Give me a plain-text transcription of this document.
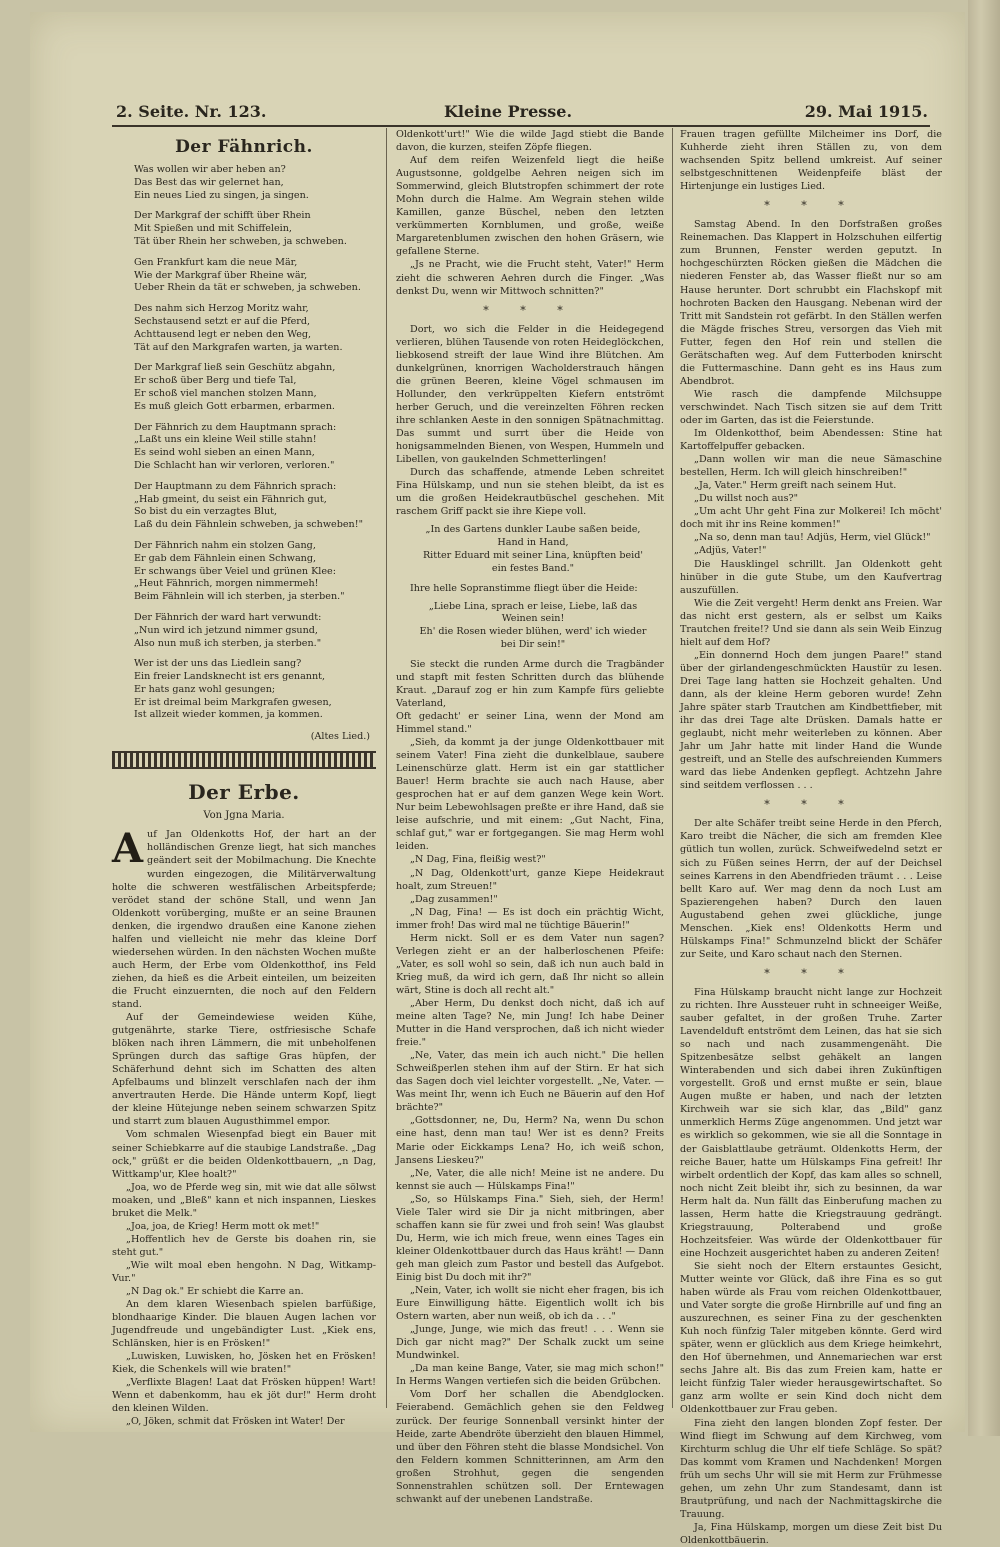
2. Seite. Nr. 123.	Kleine Presse.	29. Mai 1915.
Der Fähnrich.
Was wollen wir aber heben an?
Das Best das wir gelernet han,
Ein neues Lied zu singen, ja singen.
Der Markgraf der schifft über Rhein
Mit Spießen und mit Schiffelein,
Tät über Rhein her schweben, ja schweben.
Gen Frankfurt kam die neue Mär,
Wie der Markgraf über Rheine wär,
Ueber Rhein da tät er schweben, ja schweben.
Des nahm sich Herzog Moritz wahr,
Sechstausend setzt er auf die Pferd,
Achttausend legt er neben den Weg,
Tät auf den Markgrafen warten, ja warten.
Der Markgraf ließ sein Geschütz abgahn,
Er schoß über Berg und tiefe Tal,
Er schoß viel manchen stolzen Mann,
Es muß gleich Gott erbarmen, erbarmen.
Der Fähnrich zu dem Hauptmann sprach:
„Laßt uns ein kleine Weil stille stahn!
Es seind wohl sieben an einen Mann,
Die Schlacht han wir verloren, verloren."
Der Hauptmann zu dem Fähnrich sprach:
„Hab gmeint, du seist ein Fähnrich gut,
So bist du ein verzagtes Blut,
Laß du dein Fähnlein schweben, ja schweben!"
Der Fähnrich nahm ein stolzen Gang,
Er gab dem Fähnlein einen Schwang,
Er schwangs über Veiel und grünen Klee:
„Heut Fähnrich, morgen nimmermeh!
Beim Fähnlein will ich sterben, ja sterben."
Der Fähnrich der ward hart verwundt:
„Nun wird ich jetzund nimmer gsund,
Also nun muß ich sterben, ja sterben."
Wer ist der uns das Liedlein sang?
Ein freier Landsknecht ist ers genannt,
Er hats ganz wohl gesungen;
Er ist dreimal beim Markgrafen gwesen,
Ist allzeit wieder kommen, ja kommen.
(Altes Lied.)
Der Erbe.
Von Jgna Maria.

Auf Jan Oldenkotts Hof, der hart an der holländischen Grenze liegt, hat sich manches geändert seit der Mobilmachung. Die Knechte wurden eingezogen, die Militärverwaltung holte die schweren westfälischen Arbeitspferde; verödet stand der schöne Stall, und wenn Jan Oldenkott vorüberging, mußte er an seine Braunen denken, die irgendwo draußen eine Kanone ziehen halfen und vielleicht nie mehr das kleine Dorf wiedersehen würden. In den nächsten Wochen mußte auch Herm, der Erbe vom Oldenkotthof, ins Feld ziehen, da hieß es die Arbeit einteilen, um beizeiten die Frucht einzuernten, die noch auf den Feldern stand.

Auf der Gemeindewiese weiden Kühe, gutgenährte, starke Tiere, ostfriesische Schafe blöken nach ihren Lämmern, die mit unbeholfenen Sprüngen durch das saftige Gras hüpfen, der Schäferhund dehnt sich im Schatten des alten Apfelbaums und blinzelt verschlafen nach der ihm anvertrauten Herde. Die Hände unterm Kopf, liegt der kleine Hütejunge neben seinem schwarzen Spitz und starrt zum blauen Augusthimmel empor.

Vom schmalen Wiesenpfad biegt ein Bauer mit seiner Schiebkarre auf die staubige Landstraße. „Dag ock," grüßt er die beiden Oldenkottbauern, „n Dag, Wittkamp'ur, Klee hoalt?"

„Joa, wo de Pferde weg sin, mit wie dat alle sölwst moaken, und „Bleß" kann et nich inspannen, Lieskes bruket die Melk."

„Joa, joa, de Krieg! Herm mott ok met!"

„Hoffentlich hev de Gerste bis doahen rin, sie steht gut."

„Wie wilt moal eben hengohn. N Dag, Witkamp-Vur."

„N Dag ok." Er schiebt die Karre an.

An dem klaren Wiesenbach spielen barfüßige, blondhaarige Kinder. Die blauen Augen lachen vor Jugendfreude und ungebändigter Lust. „Kiek ens, Schlänsken, hier is en Frösken!"

„Luwisken, Luwisken, ho, Jösken het en Frösken! Kiek, die Schenkels will wie braten!"

„Verflixte Blagen! Laat dat Frösken hüppen! Wart! Wenn et dabenkomm, hau ek jöt dur!" Herm droht den kleinen Wilden.

„O, Jöken, schmit dat Frösken int Water! Der

Oldenkott'urt!" Wie die wilde Jagd stiebt die Bande davon, die kurzen, steifen Zöpfe fliegen.

Auf dem reifen Weizenfeld liegt die heiße Augustsonne, goldgelbe Aehren neigen sich im Sommerwind, gleich Blutstropfen schimmert der rote Mohn durch die Halme. Am Wegrain stehen wilde Kamillen, ganze Büschel, neben den letzten verkümmerten Kornblumen, und große, weiße Margaretenblumen zwischen den hohen Gräsern, wie gefallene Sterne.

„Js ne Pracht, wie die Frucht steht, Vater!" Herm zieht die schweren Aehren durch die Finger. „Was denkst Du, wenn wir Mittwoch schnitten?"

* * *

Dort, wo sich die Felder in die Heidegegend verlieren, blühen Tausende von roten Heideglöckchen, liebkosend streift der laue Wind ihre Blütchen. Am dunkelgrünen, knorrigen Wacholderstrauch hängen die grünen Beeren, kleine Vögel schmausen im Hollunder, den verkrüppelten Kiefern entströmt herber Geruch, und die vereinzelten Föhren recken ihre schlanken Aeste in den sonnigen Spätnachmittag. Das summt und surrt über die Heide von honigsammelnden Bienen, von Wespen, Hummeln und Libellen, von gaukelnden Schmetterlingen!

Durch das schaffende, atmende Leben schreitet Fina Hülskamp, und nun sie stehen bleibt, da ist es um die großen Heidekrautbüschel geschehen. Mit raschem Griff packt sie ihre Kiepe voll.

„In des Gartens dunkler Laube saßen beide,
Hand in Hand,
Ritter Eduard mit seiner Lina, knüpften beid'
ein festes Band."

Ihre helle Sopranstimme fliegt über die Heide:

„Liebe Lina, sprach er leise, Liebe, laß das
Weinen sein!
Eh' die Rosen wieder blühen, werd' ich wieder
bei Dir sein!"

Sie steckt die runden Arme durch die Tragbänder und stapft mit festen Schritten durch das blühende Kraut. „Darauf zog er hin zum Kampfe fürs geliebte Vaterland,
Oft gedacht' er seiner Lina, wenn der Mond am Himmel stand."

„Sieh, da kommt ja der junge Oldenkottbauer mit seinem Vater! Fina zieht die dunkelblaue, saubere Leinenschürze glatt. Herm ist ein gar stattlicher Bauer! Herm brachte sie auch nach Hause, aber gesprochen hat er auf dem ganzen Wege kein Wort. Nur beim Lebewohlsagen preßte er ihre Hand, daß sie leise aufschrie, und mit einem: „Gut Nacht, Fina, schlaf gut," war er fortgegangen. Sie mag Herm wohl leiden.

„N Dag, Fina, fleißig west?"

„N Dag, Oldenkott'urt, ganze Kiepe Heidekraut hoalt, zum Streuen!"

„Dag zusammen!"

„N Dag, Fina! — Es ist doch ein prächtig Wicht, immer froh! Das wird mal ne tüchtige Bäuerin!"

Herm nickt. Soll er es dem Vater nun sagen? Verlegen zieht er an der halberloschenen Pfeife: „Vater, es soll wohl so sein, daß ich nun auch bald in Krieg muß, da wird ich gern, daß Ihr nicht so allein wärt, Stine is doch all recht alt."

„Aber Herm, Du denkst doch nicht, daß ich auf meine alten Tage? Ne, min Jung! Ich habe Deiner Mutter in die Hand versprochen, daß ich nicht wieder freie."

„Ne, Vater, das mein ich auch nicht." Die hellen Schweißperlen stehen ihm auf der Stirn. Er hat sich das Sagen doch viel leichter vorgestellt. „Ne, Vater. — Was meint Ihr, wenn ich Euch ne Bäuerin auf den Hof brächte?"

„Gottsdonner, ne, Du, Herm? Na, wenn Du schon eine hast, denn man tau! Wer ist es denn? Freits Marie oder Eickkamps Lena? Ho, ich weiß schon, Jansens Lieskeu?"

„Ne, Vater, die alle nich! Meine ist ne andere. Du kennst sie auch — Hülskamps Fina!"

„So, so Hülskamps Fina." Sieh, sieh, der Herm! Viele Taler wird sie Dir ja nicht mitbringen, aber schaffen kann sie für zwei und froh sein! Was glaubst Du, Herm, wie ich mich freue, wenn eines Tages ein kleiner Oldenkottbauer durch das Haus kräht! — Dann geh man gleich zum Pastor und bestell das Aufgebot. Einig bist Du doch mit ihr?"

„Nein, Vater, ich wollt sie nicht eher fragen, bis ich Eure Einwilligung hätte. Eigentlich wollt ich bis Ostern warten, aber nun weiß, ob ich da . . ."

„Junge, Junge, wie mich das freut! . . . Wenn sie Dich gar nicht mag?" Der Schalk zuckt um seine Mundwinkel.

„Da man keine Bange, Vater, sie mag mich schon!" In Herms Wangen vertiefen sich die beiden Grübchen.

Vom Dorf her schallen die Abendglocken. Feierabend. Gemächlich gehen sie den Feldweg zurück. Der feurige Sonnenball versinkt hinter der Heide, zarte Abendröte überzieht den blauen Himmel, und über den Föhren steht die blasse Mondsichel. Von den Feldern kommen Schnitterinnen, am Arm den großen Strohhut, gegen die sengenden Sonnenstrahlen schützen soll. Der Erntewagen schwankt auf der unebenen Landstraße.

Frauen tragen gefüllte Milcheimer ins Dorf, die Kuhherde zieht ihren Ställen zu, von dem wachsenden Spitz bellend umkreist. Auf seiner selbstgeschnittenen Weidenpfeife bläst der Hirtenjunge ein lustiges Lied.

* * *

Samstag Abend. In den Dorfstraßen großes Reinemachen. Das Klappert in Holzschuhen eilfertig zum Brunnen, Fenster werden geputzt. In hochgeschürzten Röcken gießen die Mädchen die niederen Fenster ab, das Wasser fließt nur so am Hause herunter. Dort schrubbt ein Flachskopf mit hochroten Backen den Hausgang. Nebenan wird der Tritt mit Sandstein rot gefärbt. In den Ställen werfen die Mägde frisches Streu, versorgen das Vieh mit Futter, fegen den Hof rein und stellen die Gerätschaften weg. Auf dem Futterboden knirscht die Futtermaschine. Dann geht es ins Haus zum Abendbrot.

Wie rasch die dampfende Milchsuppe verschwindet. Nach Tisch sitzen sie auf dem Tritt oder im Garten, das ist die Feierstunde.

Im Oldenkotthof, beim Abendessen: Stine hat Kartoffelpuffer gebacken.

„Dann wollen wir man die neue Sämaschine bestellen, Herm. Ich will gleich hinschreiben!"

„Ja, Vater." Herm greift nach seinem Hut.

„Du willst noch aus?"

„Um acht Uhr geht Fina zur Molkerei! Ich möcht' doch mit ihr ins Reine kommen!"

„Na so, denn man tau! Adjüs, Herm, viel Glück!"

„Adjüs, Vater!"

Die Hausklingel schrillt. Jan Oldenkott geht hinüber in die gute Stube, um den Kaufvertrag auszufüllen.

Wie die Zeit vergeht! Herm denkt ans Freien. War das nicht erst gestern, als er selbst um Kaiks Trautchen freite!? Und sie dann als sein Weib Einzug hielt auf dem Hof?

„Ein donnernd Hoch dem jungen Paare!" stand über der girlandengeschmückten Haustür zu lesen. Drei Tage lang hatten sie Hochzeit gehalten. Und dann, als der kleine Herm geboren wurde! Zehn Jahre später starb Trautchen am Kindbettfieber, mit ihr das drei Tage alte Drüsken. Damals hatte er geglaubt, nicht mehr weiterleben zu können. Aber Jahr um Jahr hatte mit linder Hand die Wunde gestreift, und an Stelle des aufschreienden Kummers ward das liebe Andenken gepflegt. Achtzehn Jahre sind seitdem verflossen . . .

* * *

Der alte Schäfer treibt seine Herde in den Pferch, Karo treibt die Nächer, die sich am fremden Klee gütlich tun wollen, zurück. Schweifwedelnd setzt er sich zu Füßen seines Herrn, der auf der Deichsel seines Karrens in den Abendfrieden träumt . . . Leise bellt Karo auf. Wer mag denn da noch Lust am Spazierengehen haben? Durch den lauen Augustabend gehen zwei glückliche, junge Menschen. „Kiek ens! Oldenkotts Herm und Hülskamps Fina!" Schmunzelnd blickt der Schäfer zur Seite, und Karo schaut nach den Sternen.

* * *

Fina Hülskamp braucht nicht lange zur Hochzeit zu richten. Ihre Aussteuer ruht in schneeiger Weiße, sauber gefaltet, in der großen Truhe. Zarter Lavendelduft entströmt dem Leinen, das hat sie sich so nach und nach zusammengenäht. Die Spitzenbesätze selbst gehäkelt an langen Winterabenden und sich dabei ihren Zukünftigen vorgestellt. Groß und ernst mußte er sein, blaue Augen mußte er haben, und nach der letzten Kirchweih war sie sich klar, das „Bild" ganz unmerklich Herms Züge angenommen. Und jetzt war es wirklich so gekommen, wie sie all die Sonntage in der Gaisblattlaube geträumt. Oldenkotts Herm, der reiche Bauer, hatte um Hülskamps Fina gefreit! Ihr wirbelt ordentlich der Kopf, das kam alles so schnell, noch nicht Zeit bleibt ihr, sich zu besinnen, da war Herm halt da. Nun fällt das Einberufung machen zu lassen, Herm hatte die Kriegstrauung gedrängt. Kriegstrauung, Polterabend und große Hochzeitsfeier. Was würde der Oldenkottbauer für eine Hochzeit ausgerichtet haben zu anderen Zeiten!

Sie sieht noch der Eltern erstauntes Gesicht, Mutter weinte vor Glück, daß ihre Fina es so gut haben würde als Frau vom reichen Oldenkottbauer, und Vater sorgte die große Hirnbrille auf und fing an auszurechnen, es seiner Fina zu der geschenkten Kuh noch fünfzig Taler mitgeben könnte. Gerd wird später, wenn er glücklich aus dem Kriege heimkehrt, den Hof übernehmen, und Annemariechen war erst sechs Jahre alt. Bis das zum Freien kam, hatte er leicht fünfzig Taler wieder herausgewirtschaftet. So ganz arm wollte er sein Kind doch nicht dem Oldenkottbauer zur Frau geben.

Fina zieht den langen blonden Zopf fester. Der Wind fliegt im Schwung auf dem Kirchweg, vom Kirchturm schlug die Uhr elf tiefe Schläge. So spät? Das kommt vom Kramen und Nachdenken! Morgen früh um sechs Uhr will sie mit Herm zur Frühmesse gehen, um zehn Uhr zum Standesamt, dann ist Brautprüfung, und nach der Nachmittagskirche die Trauung.

Ja, Fina Hülskamp, morgen um diese Zeit bist Du Oldenkottbäuerin.
